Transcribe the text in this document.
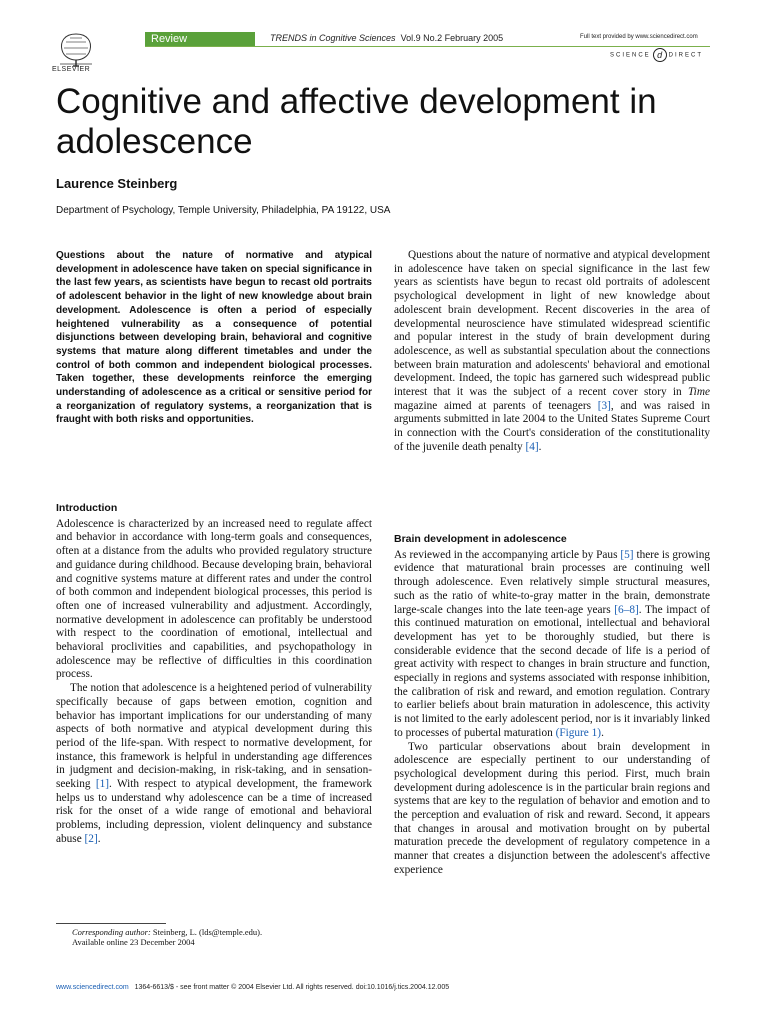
ELSEVIER
Review	TRENDS in Cognitive Sciences Vol.9 No.2 February 2005	Full text provided by www.sciencedirect.com
SCIENCE d DIRECT
Cognitive and affective development in adolescence
Laurence Steinberg
Department of Psychology, Temple University, Philadelphia, PA 19122, USA
Questions about the nature of normative and atypical development in adolescence have taken on special significance in the last few years, as scientists have begun to recast old portraits of adolescent behavior in the light of new knowledge about brain development. Adolescence is often a period of especially heightened vulnerability as a consequence of potential disjunctions between developing brain, behavioral and cognitive systems that mature along different timetables and under the control of both common and independent biological processes. Taken together, these developments reinforce the emerging understanding of adolescence as a critical or sensitive period for a reorganization of regulatory systems, a reorganization that is fraught with both risks and opportunities.
Introduction

Adolescence is characterized by an increased need to regulate affect and behavior in accordance with long-term goals and consequences, often at a distance from the adults who provided regulatory structure and guidance during childhood. Because developing brain, behavioral and cognitive systems mature at different rates and under the control of both common and independent biological processes, this period is often one of increased vulnerability and adjustment. Accordingly, normative development in adolescence can profitably be understood with respect to the coordination of emotional, intellectual and behavioral proclivities and capabilities, and psychopathology in adolescence may be reflective of difficulties in this coordination process.

The notion that adolescence is a heightened period of vulnerability specifically because of gaps between emotion, cognition and behavior has important implications for our understanding of many aspects of both normative and atypical development during this period of the life-span. With respect to normative development, for instance, this framework is helpful in understanding age differences in judgment and decision-making, in risk-taking, and in sensation-seeking [1]. With respect to atypical development, the framework helps us to understand why adolescence can be a time of increased risk for the onset of a wide range of emotional and behavioral problems, including depression, violent delinquency and substance abuse [2].

Corresponding author: Steinberg, L. (lds@temple.edu).
Available online 23 December 2004

Questions about the nature of normative and atypical development in adolescence have taken on special significance in the last few years as scientists have begun to recast old portraits of adolescent psychological development in light of new knowledge about adolescent brain development. Recent discoveries in the area of developmental neuroscience have stimulated widespread scientific and popular interest in the study of brain development during adolescence, as well as substantial speculation about the connections between brain maturation and adolescents' behavioral and emotional development. Indeed, the topic has garnered such widespread public interest that it was the subject of a recent cover story in Time magazine aimed at parents of teenagers [3], and was raised in arguments submitted in late 2004 to the United States Supreme Court in connection with the Court's consideration of the constitutionality of the juvenile death penalty [4].

Brain development in adolescence

As reviewed in the accompanying article by Paus [5] there is growing evidence that maturational brain processes are continuing well through adolescence. Even relatively simple structural measures, such as the ratio of white-to-gray matter in the brain, demonstrate large-scale changes into the late teen-age years [6–8]. The impact of this continued maturation on emotional, intellectual and behavioral development has yet to be thoroughly studied, but there is considerable evidence that the second decade of life is a period of great activity with respect to changes in brain structure and function, especially in regions and systems associated with response inhibition, the calibration of risk and reward, and emotion regulation. Contrary to earlier beliefs about brain maturation in adolescence, this activity is not limited to the early adolescent period, nor is it invariably linked to processes of pubertal maturation (Figure 1).

Two particular observations about brain development in adolescence are especially pertinent to our understanding of psychological development during this period. First, much brain development during adolescence is in the particular brain regions and systems that are key to the regulation of behavior and emotion and to the perception and evaluation of risk and reward. Second, it appears that changes in arousal and motivation brought on by pubertal maturation precede the development of regulatory competence in a manner that creates a disjunction between the adolescent's affective experience

www.sciencedirect.com 1364-6613/$ - see front matter © 2004 Elsevier Ltd. All rights reserved. doi:10.1016/j.tics.2004.12.005
